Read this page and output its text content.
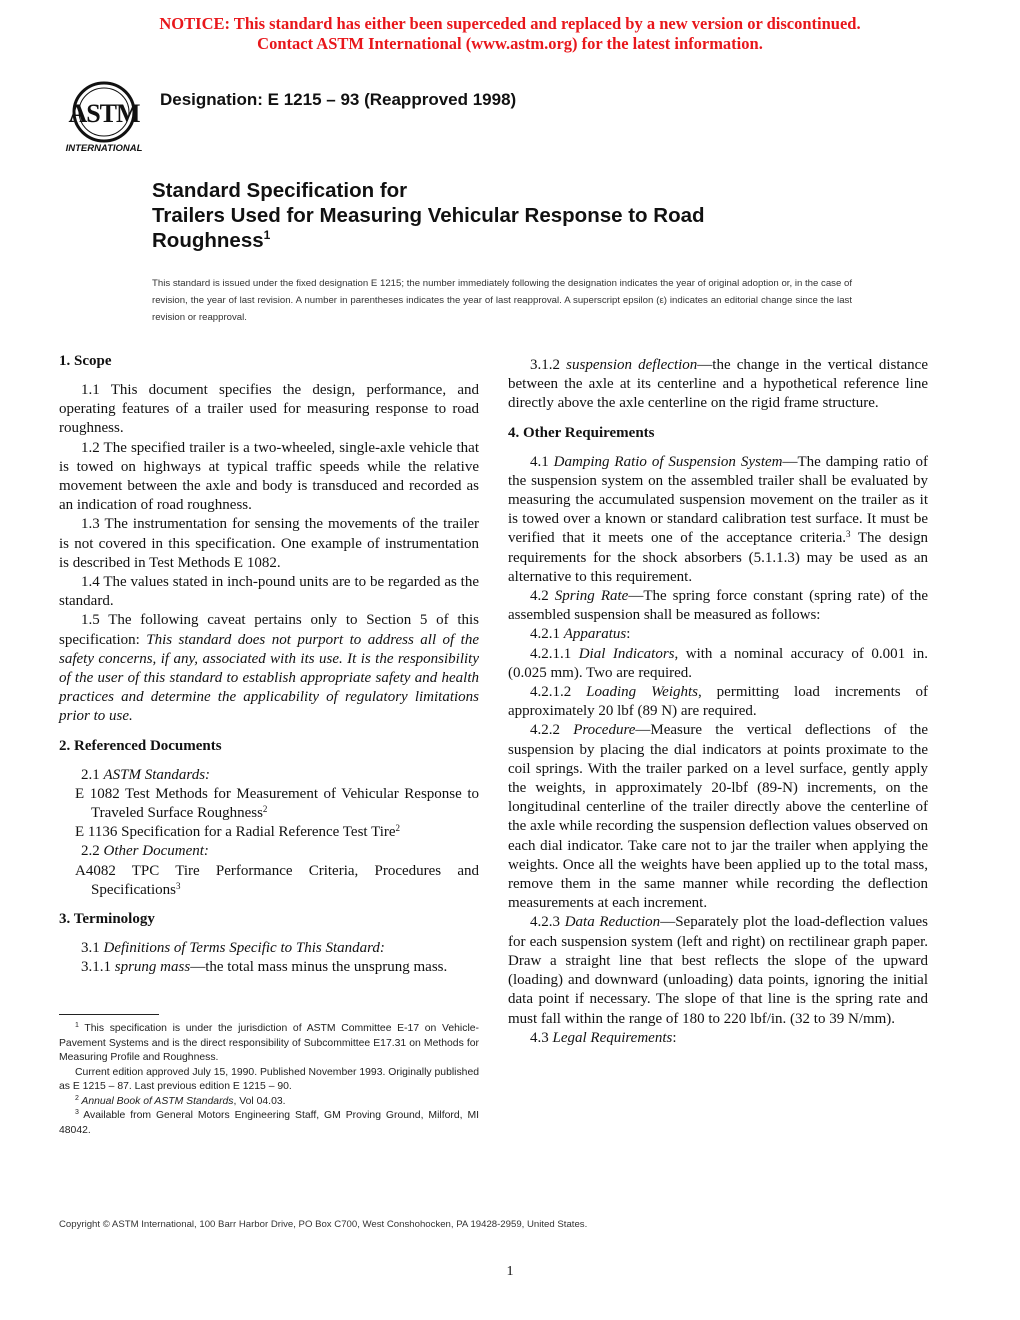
NOTICE: This standard has either been superceded and replaced by a new version or discontinued.
Contact ASTM International (www.astm.org) for the latest information.
ASTM
INTERNATIONAL
Designation: E 1215 – 93 (Reapproved 1998)
Standard Specification for
Trailers Used for Measuring Vehicular Response to Road
Roughness$^1$
This standard is issued under the fixed designation E 1215; the number immediately following the designation indicates the year of original adoption or, in the case of revision, the year of last revision. A number in parentheses indicates the year of last reapproval. A superscript epsilon (ε) indicates an editorial change since the last revision or reapproval.
1. Scope

1.1 This document specifies the design, performance, and operating features of a trailer used for measuring response to road roughness.

1.2 The specified trailer is a two-wheeled, single-axle vehicle that is towed on highways at typical traffic speeds while the relative movement between the axle and body is transduced and recorded as an indication of road roughness.

1.3 The instrumentation for sensing the movements of the trailer is not covered in this specification. One example of instrumentation is described in Test Methods E 1082.

1.4 The values stated in inch-pound units are to be regarded as the standard.

1.5 The following caveat pertains only to Section 5 of this specification: This standard does not purport to address all of the safety concerns, if any, associated with its use. It is the responsibility of the user of this standard to establish appropriate safety and health practices and determine the applicability of regulatory limitations prior to use.

2. Referenced Documents

2.1 ASTM Standards:

E 1082 Test Methods for Measurement of Vehicular Response to Traveled Surface Roughness$^2$

E 1136 Specification for a Radial Reference Test Tire$^2$

2.2 Other Document:

A4082 TPC Tire Performance Criteria, Procedures and Specifications$^3$

3. Terminology

3.1 Definitions of Terms Specific to This Standard:

3.1.1 sprung mass—the total mass minus the unsprung mass.

3.1.2 suspension deflection—the change in the vertical distance between the axle at its centerline and a hypothetical reference line directly above the axle centerline on the rigid frame structure.

4. Other Requirements

4.1 Damping Ratio of Suspension System—The damping ratio of the suspension system on the assembled trailer shall be evaluated by measuring the accumulated suspension movement on the trailer as it is towed over a known or standard calibration test surface. It must be verified that it meets one of the acceptance criteria.$^3$ The design requirements for the shock absorbers (5.1.1.3) may be used as an alternative to this requirement.

4.2 Spring Rate—The spring force constant (spring rate) of the assembled suspension shall be measured as follows:

4.2.1 Apparatus:

4.2.1.1 Dial Indicators, with a nominal accuracy of 0.001 in. (0.025 mm). Two are required.

4.2.1.2 Loading Weights, permitting load increments of approximately 20 lbf (89 N) are required.

4.2.2 Procedure—Measure the vertical deflections of the suspension by placing the dial indicators at points proximate to the coil springs. With the trailer parked on a level surface, gently apply the weights, in approximately 20-lbf (89-N) increments, on the longitudinal centerline of the trailer directly above the centerline of the axle while recording the suspension deflection values observed on each dial indicator. Take care not to jar the trailer when applying the weights. Once all the weights have been applied up to the total mass, remove them in the same manner while recording the deflection measurements at each increment.

4.2.3 Data Reduction—Separately plot the load-deflection values for each suspension system (left and right) on rectilinear graph paper. Draw a straight line that best reflects the slope of the upward (loading) and downward (unloading) data points, ignoring the initial data point if necessary. The slope of that line is the spring rate and must fall within the range of 180 to 220 lbf/in. (32 to 39 N/mm).

4.3 Legal Requirements:

$^1$ This specification is under the jurisdiction of ASTM Committee E-17 on Vehicle-Pavement Systems and is the direct responsibility of Subcommittee E17.31 on Methods for Measuring Profile and Roughness.

Current edition approved July 15, 1990. Published November 1993. Originally published as E 1215 – 87. Last previous edition E 1215 – 90.

$^2$ Annual Book of ASTM Standards, Vol 04.03.

$^3$ Available from General Motors Engineering Staff, GM Proving Ground, Milford, MI 48042.

Copyright © ASTM International, 100 Barr Harbor Drive, PO Box C700, West Conshohocken, PA 19428-2959, United States.
1
